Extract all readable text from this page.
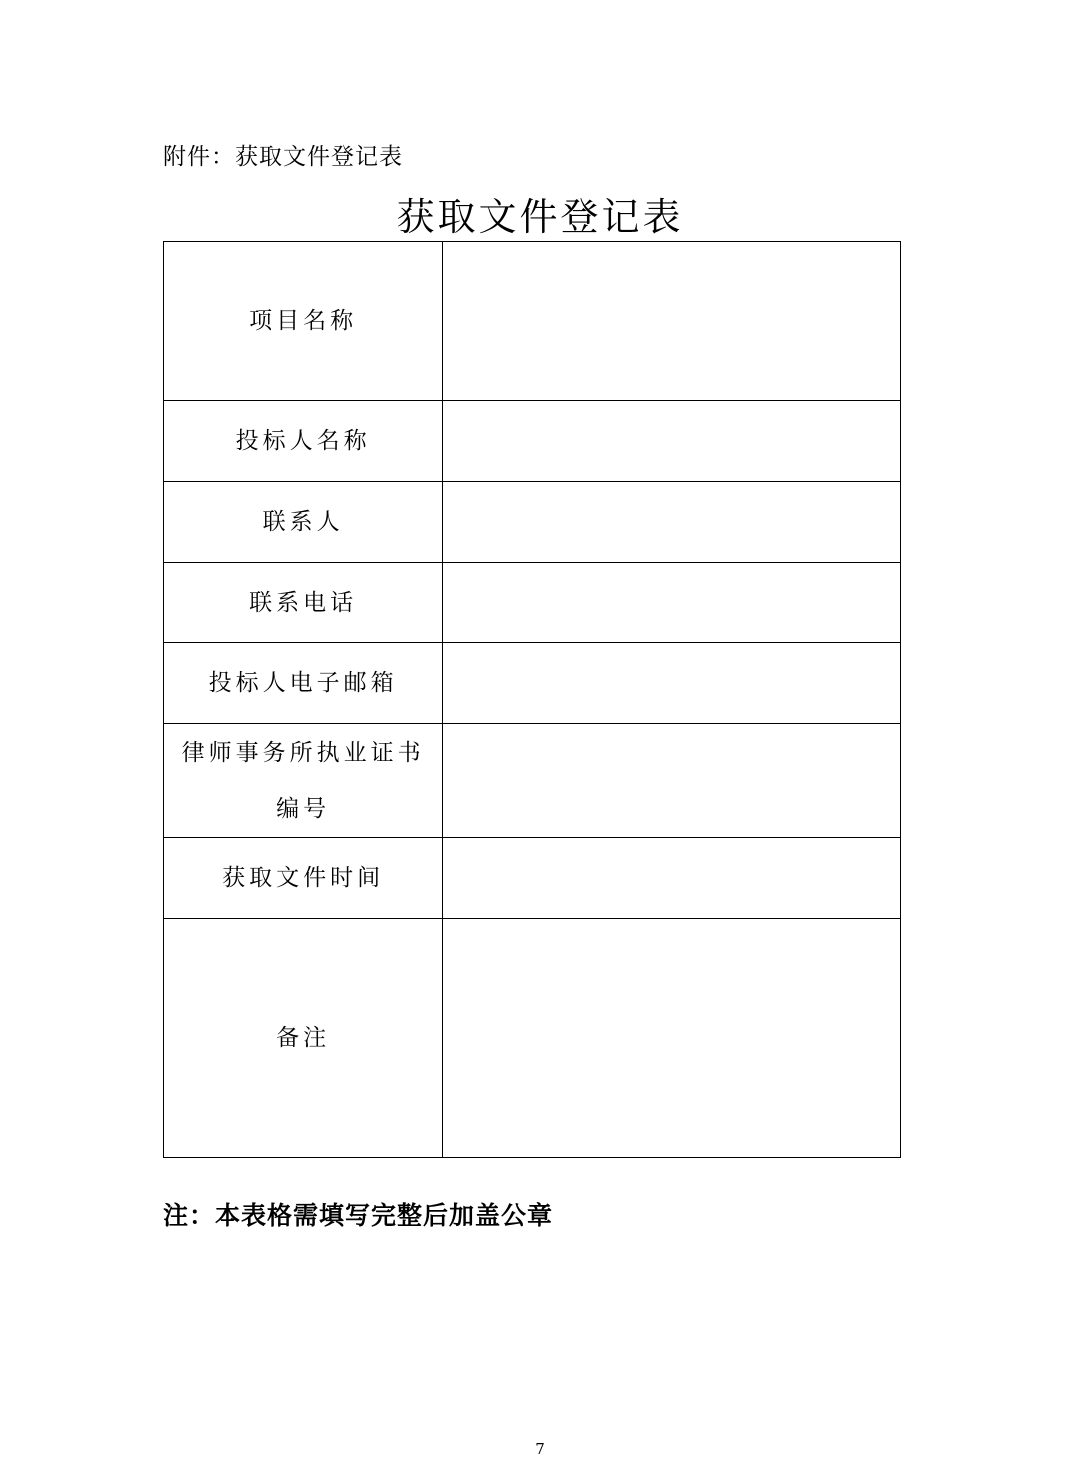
附件：获取文件登记表
获取文件登记表
项目名称	
投标人名称	
联系人	
联系电话	
投标人电子邮箱	
律师事务所执业证书编号	
获取文件时间	
备注	
注：本表格需填写完整后加盖公章
7
